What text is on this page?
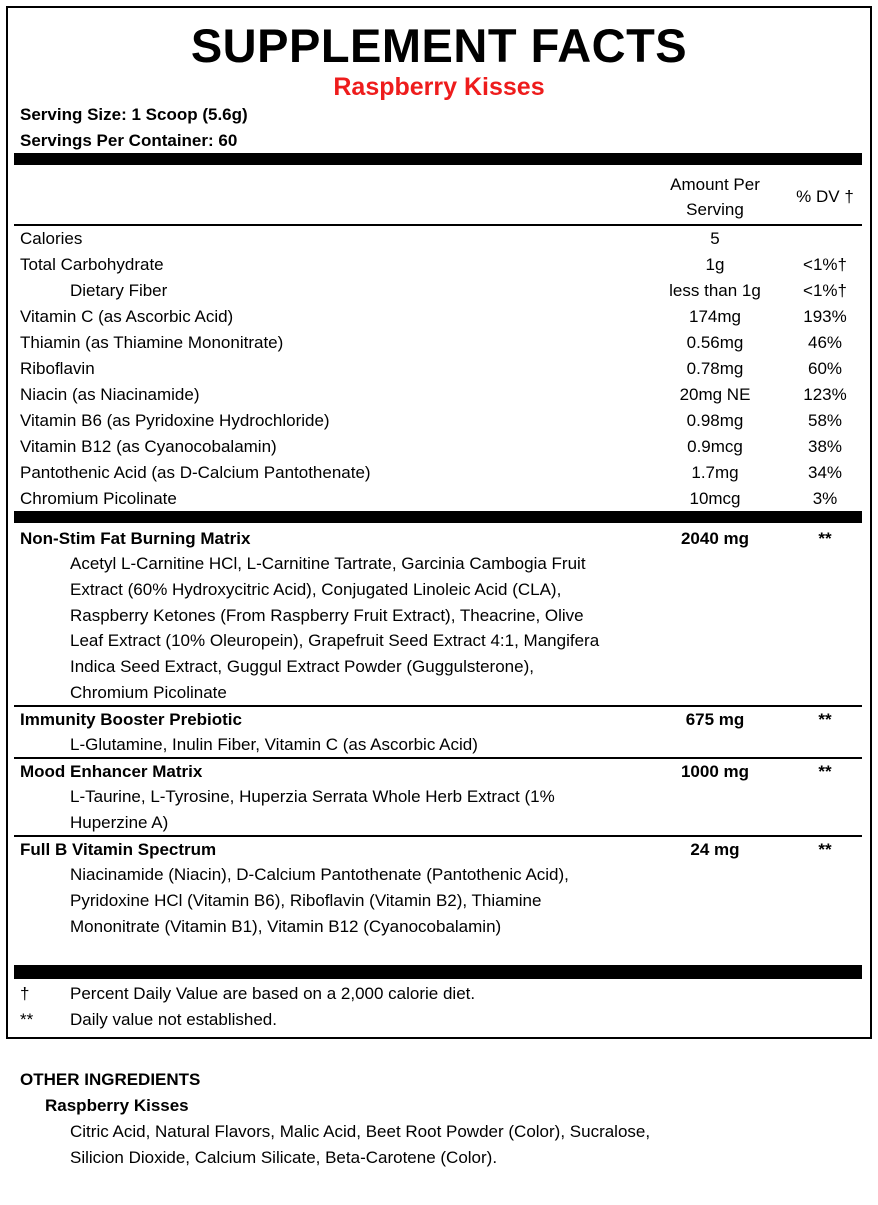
SUPPLEMENT FACTS
Raspberry Kisses
Serving Size: 1 Scoop (5.6g)
Servings Per Container: 60
Amount Per Serving
% DV †
Calories	5
Total Carbohydrate	1g	<1%†
Dietary Fiber	less than 1g	<1%†
Vitamin C (as Ascorbic Acid)	174mg	193%
Thiamin (as Thiamine Mononitrate)	0.56mg	46%
Riboflavin	0.78mg	60%
Niacin (as Niacinamide)	20mg NE	123%
Vitamin B6 (as Pyridoxine Hydrochloride)	0.98mg	58%
Vitamin B12 (as Cyanocobalamin)	0.9mcg	38%
Pantothenic Acid (as D-Calcium Pantothenate)	1.7mg	34%
Chromium Picolinate	10mcg	3%
Non-Stim Fat Burning Matrix	2040 mg	**
Acetyl L-Carnitine HCl, L-Carnitine Tartrate, Garcinia Cambogia Fruit Extract (60% Hydroxycitric Acid), Conjugated Linoleic Acid (CLA), Raspberry Ketones (From Raspberry Fruit Extract), Theacrine, Olive Leaf Extract (10% Oleuropein), Grapefruit Seed Extract 4:1, Mangifera Indica Seed Extract, Guggul Extract Powder (Guggulsterone), Chromium Picolinate
Immunity Booster Prebiotic	675 mg	**
L-Glutamine, Inulin Fiber, Vitamin C (as Ascorbic Acid)
Mood Enhancer Matrix	1000 mg	**
L-Taurine, L-Tyrosine, Huperzia Serrata Whole Herb Extract (1% Huperzine A)
Full B Vitamin Spectrum	24 mg	**
Niacinamide (Niacin), D-Calcium Pantothenate (Pantothenic Acid), Pyridoxine HCl (Vitamin B6), Riboflavin (Vitamin B2), Thiamine Mononitrate (Vitamin B1), Vitamin B12 (Cyanocobalamin)
† Percent Daily Value are based on a 2,000 calorie diet.
** Daily value not established.
OTHER INGREDIENTS
Raspberry Kisses
Citric Acid, Natural Flavors, Malic Acid, Beet Root Powder (Color), Sucralose, Silicion Dioxide, Calcium Silicate, Beta-Carotene (Color).
